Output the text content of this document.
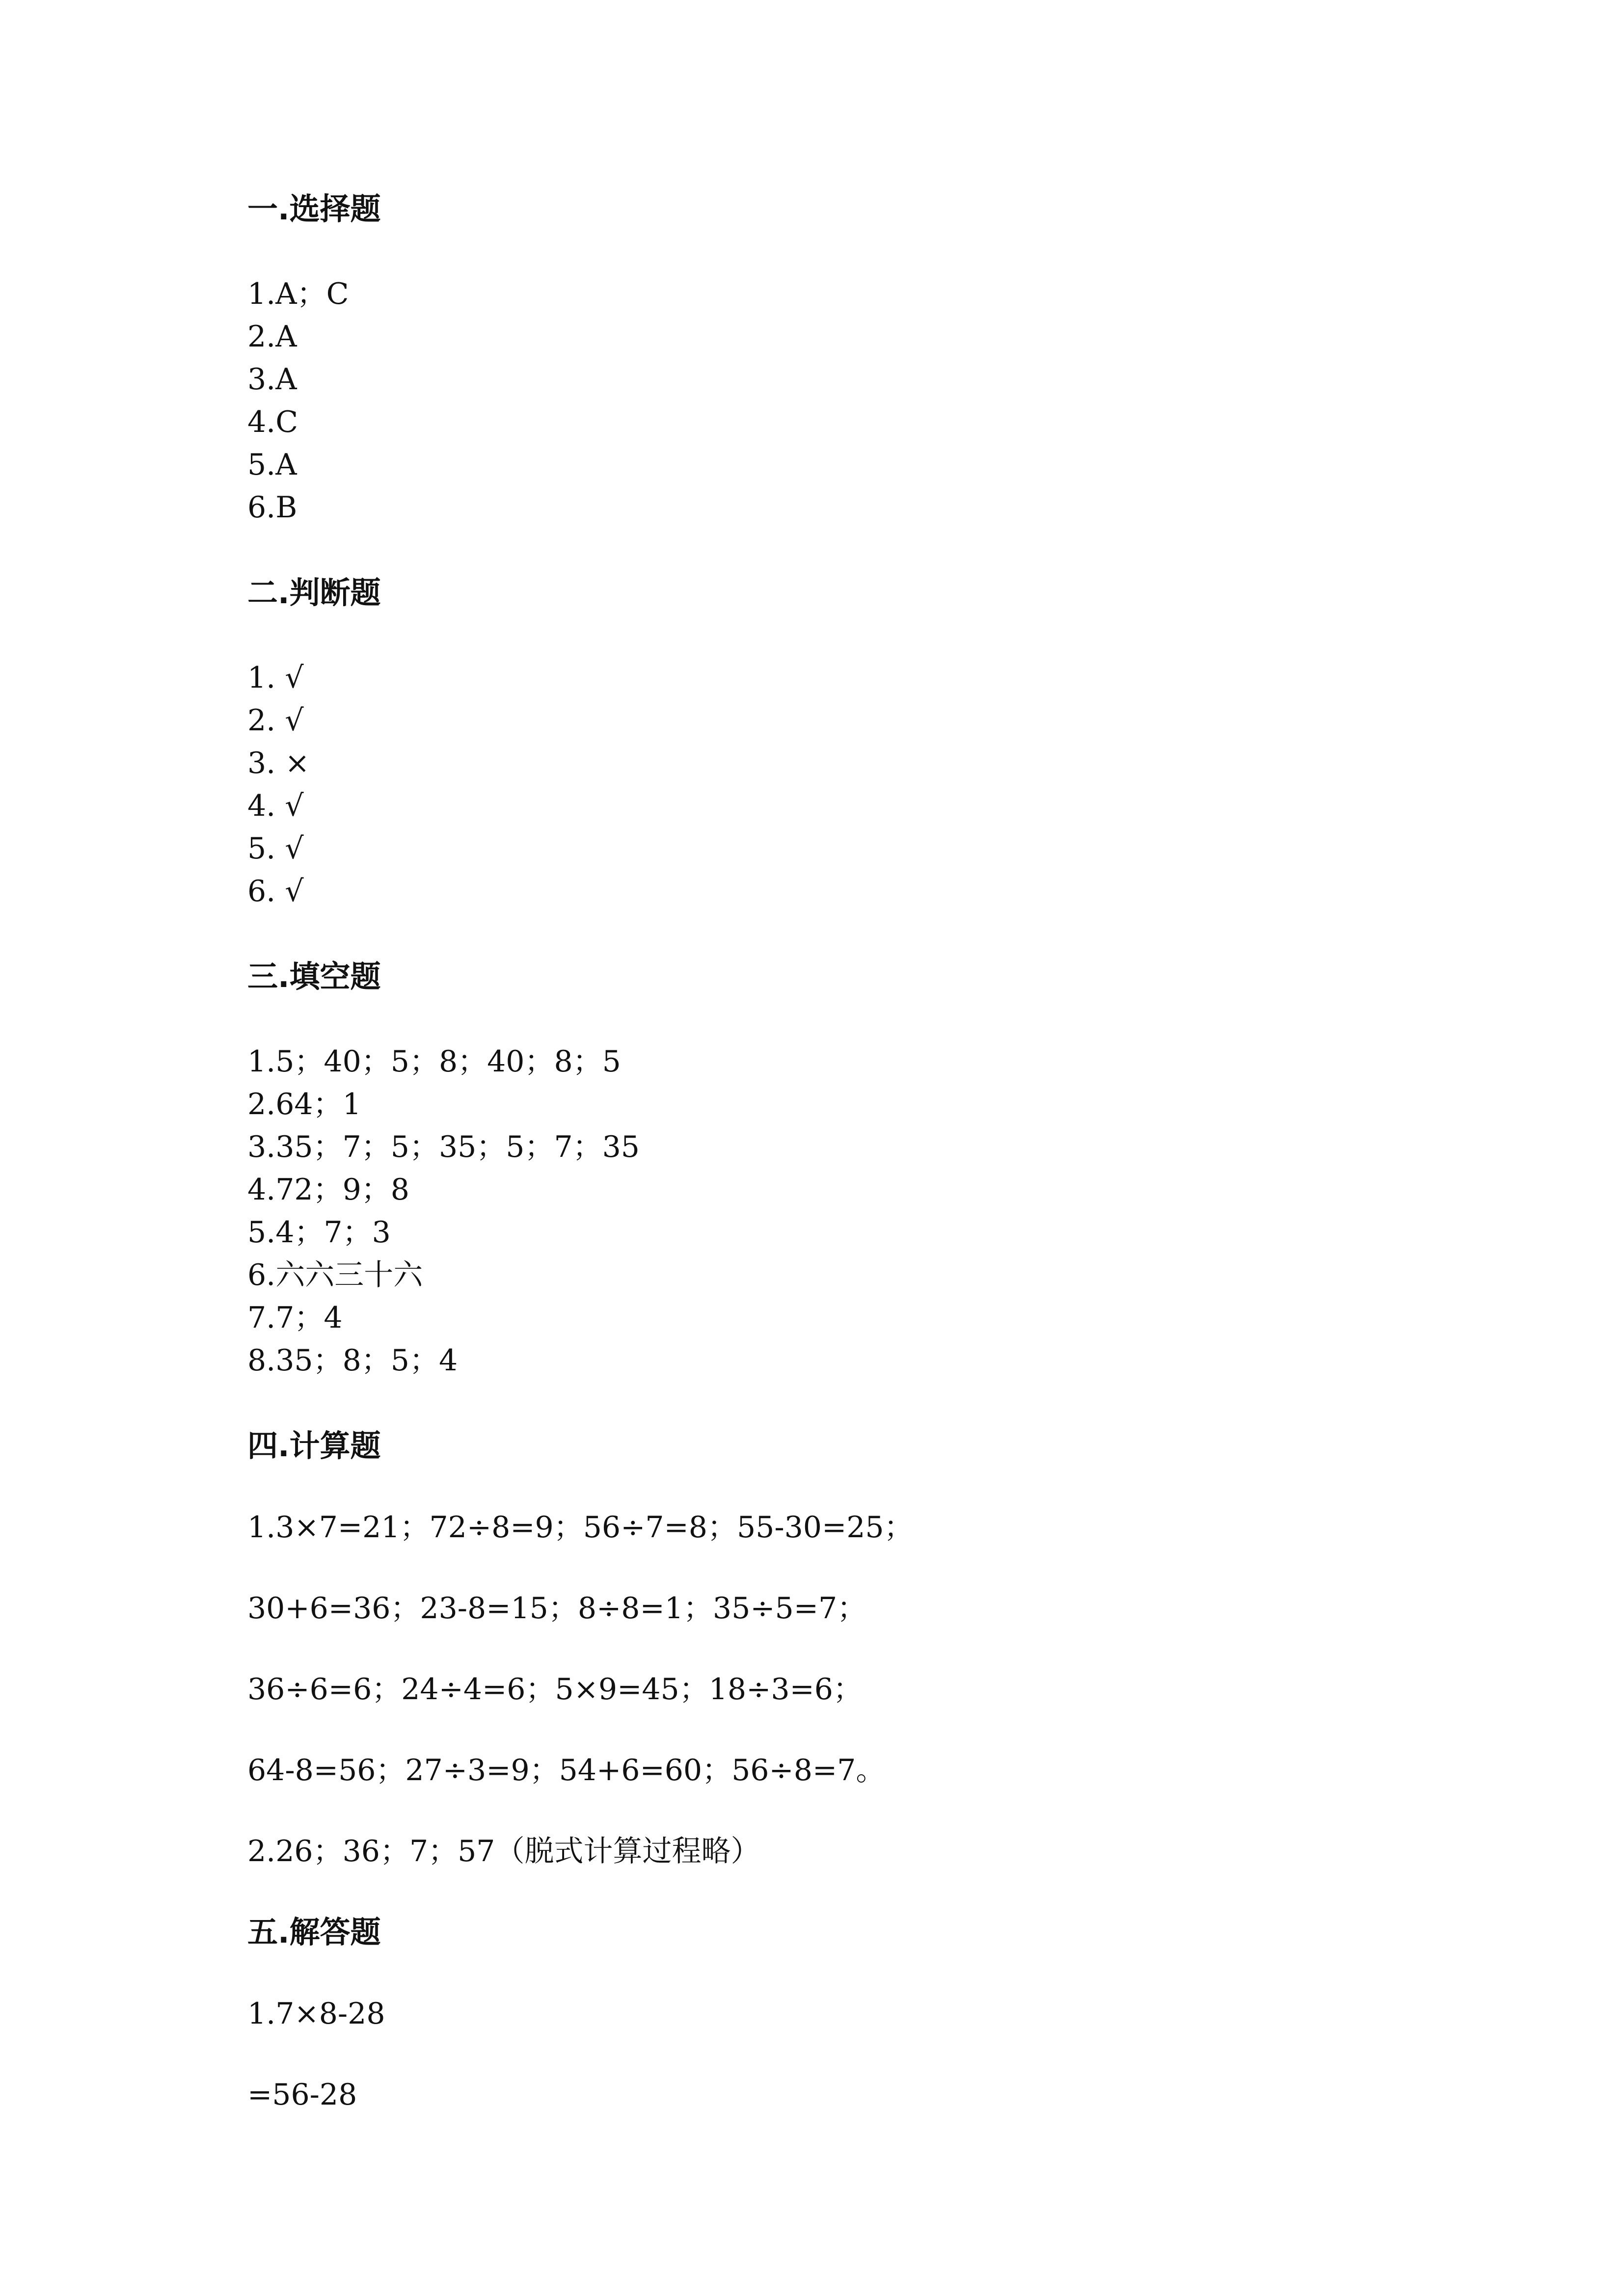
一.选择题
1.A；C
2.A
3.A
4.C
5.A
6.B
二.判断题
1. √
2. √
3. ×
4. √
5. √
6. √
三.填空题
1.5；40；5；8；40；8；5
2.64；1
3.35；7；5；35；5；7；35
4.72；9；8
5.4；7；3
6.六六三十六
7.7；4
8.35；8；5；4
四.计算题
1.3×7=21；72÷8=9；56÷7=8；55-30=25；
30+6=36；23-8=15；8÷8=1；35÷5=7；
36÷6=6；24÷4=6；5×9=45；18÷3=6；
64-8=56；27÷3=9；54+6=60；56÷8=7。
2.26；36；7；57（脱式计算过程略）
五.解答题
1.7×8-28
=56-28
